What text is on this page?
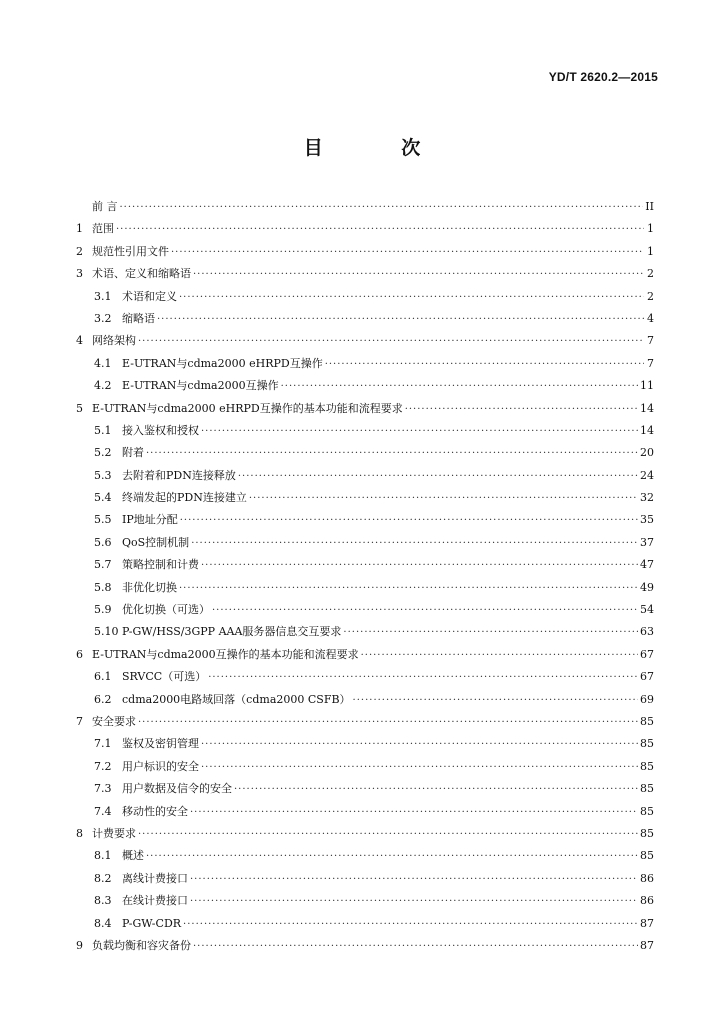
YD/T 2620.2—2015
目 次
前 言 ·····	II
1 范围 ·····	1
2 规范性引用文件 ·····	1
3 术语、定义和缩略语 ·····	2
3.1 术语和定义 ·····	2
3.2 缩略语 ·····	4
4 网络架构 ·····	7
4.1 E-UTRAN与cdma2000 eHRPD互操作 ·····	7
4.2 E-UTRAN与cdma2000互操作 ·····	11
5 E-UTRAN与cdma2000 eHRPD互操作的基本功能和流程要求 ·····	14
5.1 接入鉴权和授权 ·····	14
5.2 附着 ·····	20
5.3 去附着和PDN连接释放 ·····	24
5.4 终端发起的PDN连接建立 ·····	32
5.5 IP地址分配 ·····	35
5.6 QoS控制机制 ·····	37
5.7 策略控制和计费 ·····	47
5.8 非优化切换 ·····	49
5.9 优化切换（可选） ·····	54
5.10 P-GW/HSS/3GPP AAA服务器信息交互要求 ·····	63
6 E-UTRAN与cdma2000互操作的基本功能和流程要求 ·····	67
6.1 SRVCC（可选） ·····	67
6.2 cdma2000电路域回落（cdma2000 CSFB） ·····	69
7 安全要求 ·····	85
7.1 鉴权及密钥管理 ·····	85
7.2 用户标识的安全 ·····	85
7.3 用户数据及信令的安全 ·····	85
7.4 移动性的安全 ·····	85
8 计费要求 ·····	85
8.1 概述 ·····	85
8.2 离线计费接口 ·····	86
8.3 在线计费接口 ·····	86
8.4 P-GW-CDR ·····	87
9 负载均衡和容灾备份 ·····	87
